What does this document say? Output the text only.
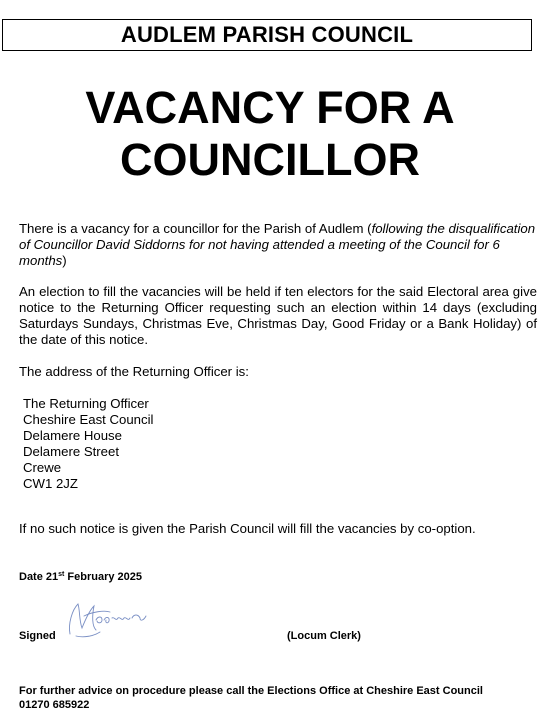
AUDLEM PARISH COUNCIL
VACANCY FOR A
COUNCILLOR
There is a vacancy for a councillor for the Parish of Audlem (following the disqualification of Councillor David Siddorns for not having attended a meeting of the Council for 6 months)
An election to fill the vacancies will be held if ten electors for the said Electoral area give notice to the Returning Officer requesting such an election within 14 days (excluding Saturdays Sundays, Christmas Eve, Christmas Day, Good Friday or a Bank Holiday) of the date of this notice.
The address of the Returning Officer is:
The Returning Officer
Cheshire East Council
Delamere House
Delamere Street
Crewe
CW1 2JZ
If no such notice is given the Parish Council will fill the vacancies by co-option.
Date 21st February 2025
Signed	(Locum Clerk)
For further advice on procedure please call the Elections Office at Cheshire East Council
01270 685922
